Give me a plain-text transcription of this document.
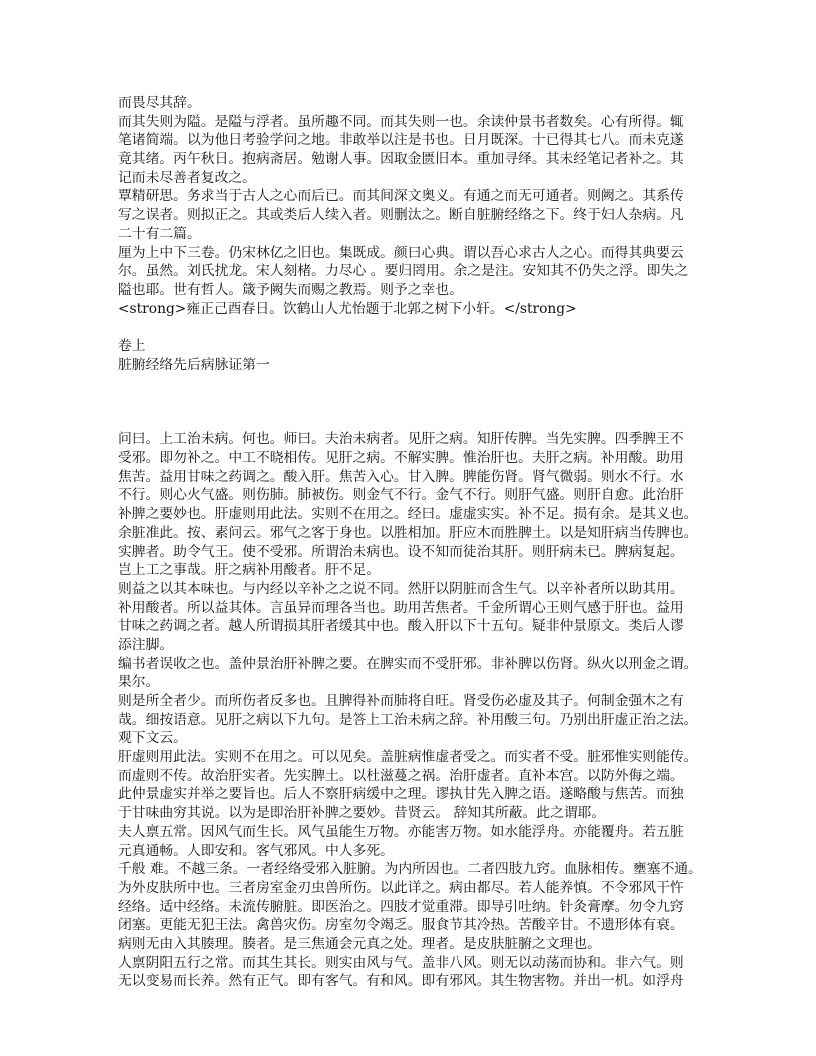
而畏尽其辞。
而其失则为隘。是隘与浮者。虽所趣不同。而其失则一也。余读仲景书者数矣。心有所得。辄
笔诸简端。以为他日考验学问之地。非敢举以注是书也。日月既深。十已得其七八。而未克遂
竟其绪。丙午秋日。抱病斋居。勉谢人事。因取金匮旧本。重加寻绎。其未经笔记者补之。其
记而未尽善者复改之。
覃精研思。务求当于古人之心而后已。而其间深文奥义。有通之而无可通者。则阙之。其系传
写之误者。则拟正之。其或类后人续入者。则删汰之。断自脏腑经络之下。终于妇人杂病。凡
二十有二篇。
厘为上中下三卷。仍宋林亿之旧也。集既成。颜曰心典。谓以吾心求古人之心。而得其典要云
尔。虽然。刘氏扰龙。宋人刻楮。力尽心 。要归罔用。余之是注。安知其不仍失之浮。即失之
隘也耶。世有哲人。箴予阙失而赐之教焉。则予之幸也。
<strong>雍正己酉春日。饮鹤山人尤怡题于北郭之树下小轩。</strong>
卷上
脏腑经络先后病脉证第一
问曰。上工治未病。何也。师曰。夫治未病者。见肝之病。知肝传脾。当先实脾。四季脾王不
受邪。即勿补之。中工不晓相传。见肝之病。不解实脾。惟治肝也。夫肝之病。补用酸。助用
焦苦。益用甘味之药调之。酸入肝。焦苦入心。甘入脾。脾能伤肾。肾气微弱。则水不行。水
不行。则心火气盛。则伤肺。肺被伤。则金气不行。金气不行。则肝气盛。则肝自愈。此治肝
补脾之要妙也。肝虚则用此法。实则不在用之。经曰。虚虚实实。补不足。损有余。是其义也。
余脏准此。按、素问云。邪气之客于身也。以胜相加。肝应木而胜脾土。以是知肝病当传脾也。
实脾者。助令气王。使不受邪。所谓治未病也。设不知而徒治其肝。则肝病未已。脾病复起。
岂上工之事哉。肝之病补用酸者。肝不足。
则益之以其本味也。与内经以辛补之之说不同。然肝以阴脏而含生气。以辛补者所以助其用。
补用酸者。所以益其体。言虽异而理各当也。助用苦焦者。千金所谓心王则气感于肝也。益用
甘味之药调之者。越人所谓损其肝者缓其中也。酸入肝以下十五句。疑非仲景原文。类后人谬
添注脚。
编书者误收之也。盖仲景治肝补脾之要。在脾实而不受肝邪。非补脾以伤肾。纵火以刑金之谓。
果尔。
则是所全者少。而所伤者反多也。且脾得补而肺将自旺。肾受伤必虚及其子。何制金强木之有
哉。细按语意。见肝之病以下九句。是答上工治未病之辞。补用酸三句。乃别出肝虚正治之法。
观下文云。
肝虚则用此法。实则不在用之。可以见矣。盖脏病惟虚者受之。而实者不受。脏邪惟实则能传。
而虚则不传。故治肝实者。先实脾土。以杜滋蔓之祸。治肝虚者。直补本宫。以防外侮之端。
此仲景虚实并举之要旨也。后人不察肝病缓中之理。谬执甘先入脾之语。遂略酸与焦苦。而独
于甘味曲穷其说。以为是即治肝补脾之要妙。昔贤云。 辞知其所蔽。此之谓耶。
夫人禀五常。因风气而生长。风气虽能生万物。亦能害万物。如水能浮舟。亦能覆舟。若五脏
元真通畅。人即安和。客气邪风。中人多死。
千般 难。不越三条。一者经络受邪入脏腑。为内所因也。二者四肢九窍。血脉相传。壅塞不通。
为外皮肤所中也。三者房室金刃虫兽所伤。以此详之。病由都尽。若人能养慎。不令邪风干忤
经络。适中经络。未流传腑脏。即医治之。四肢才觉重滞。即导引吐纳。针灸膏摩。勿令九窍
闭塞。更能无犯王法。禽兽灾伤。房室勿令竭乏。服食节其冷热。苦酸辛甘。不遗形体有衰。
病则无由入其腠理。腠者。是三焦通会元真之处。理者。是皮肤脏腑之文理也。
人禀阴阳五行之常。而其生其长。则实由风与气。盖非八风。则无以动荡而协和。非六气。则
无以变易而长养。然有正气。即有客气。有和风。即有邪风。其生物害物。并出一机。如浮舟
